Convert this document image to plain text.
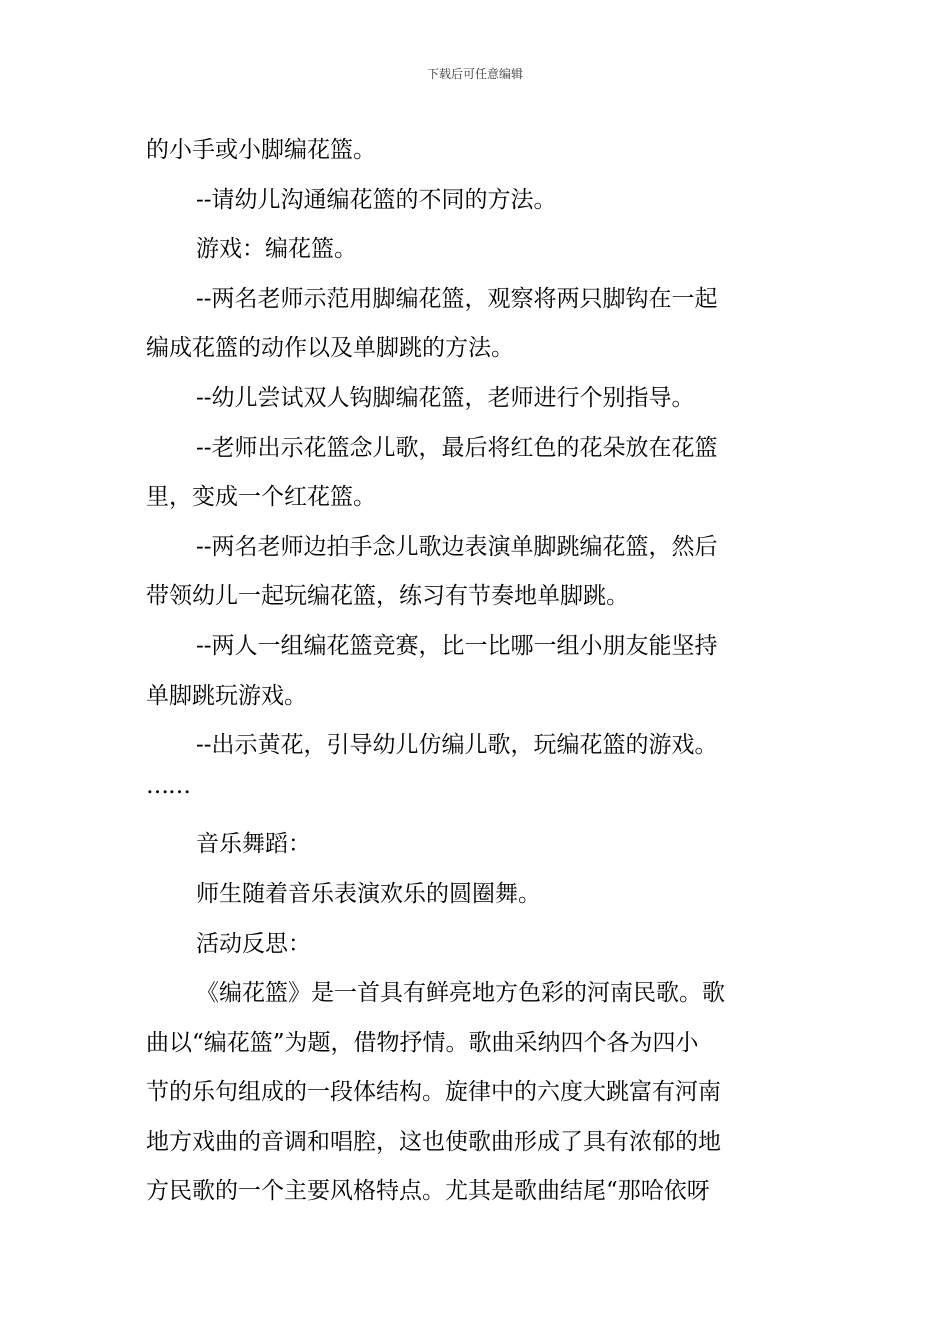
下载后可任意编辑
的小手或小脚编花篮。
--请幼儿沟通编花篮的不同的方法。
游戏：编花篮。
--两名老师示范用脚编花篮，观察将两只脚钩在一起
编成花篮的动作以及单脚跳的方法。
--幼儿尝试双人钩脚编花篮，老师进行个别指导。
--老师出示花篮念儿歌，最后将红色的花朵放在花篮
里，变成一个红花篮。
--两名老师边拍手念儿歌边表演单脚跳编花篮，然后
带领幼儿一起玩编花篮，练习有节奏地单脚跳。
--两人一组编花篮竞赛，比一比哪一组小朋友能坚持
单脚跳玩游戏。
--出示黄花，引导幼儿仿编儿歌，玩编花篮的游戏。
……
音乐舞蹈：
师生随着音乐表演欢乐的圆圈舞。
活动反思：
《编花篮》是一首具有鲜亮地方色彩的河南民歌。歌
曲以“编花篮”为题，借物抒情。歌曲采纳四个各为四小
节的乐句组成的一段体结构。旋律中的六度大跳富有河南
地方戏曲的音调和唱腔，这也使歌曲形成了具有浓郁的地
方民歌的一个主要风格特点。尤其是歌曲结尾“那哈依呀
